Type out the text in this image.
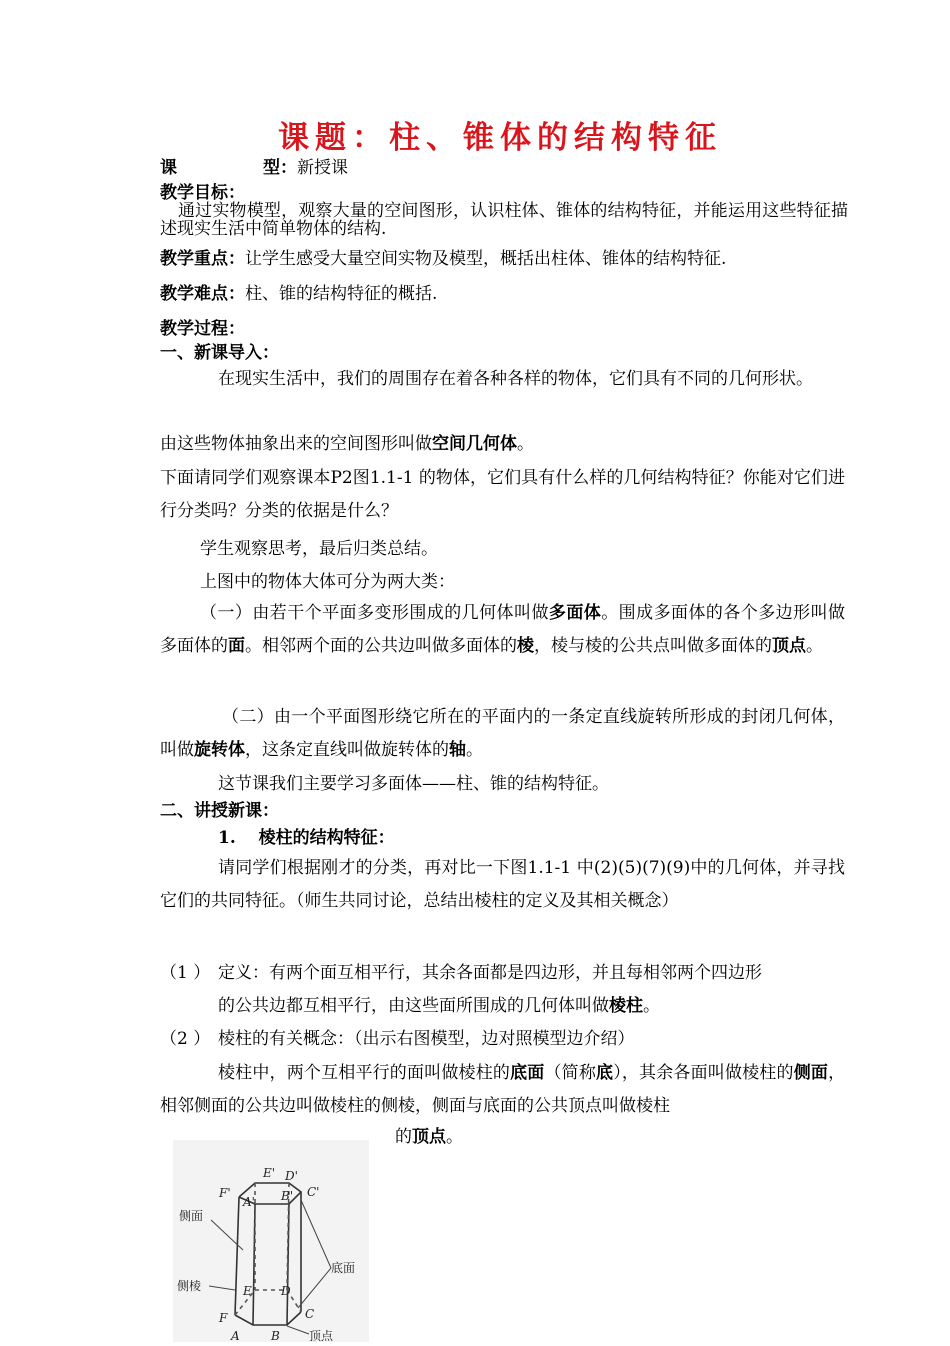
课题：柱、锥体的结构特征
课	型：新授课
教学目标：
通过实物模型，观察大量的空间图形，认识柱体、锥体的结构特征，并能运用这些特征描述现实生活中简单物体的结构.
教学重点：让学生感受大量空间实物及模型，概括出柱体、锥体的结构特征.
教学难点：柱、锥的结构特征的概括.
教学过程：
一、新课导入：
在现实生活中，我们的周围存在着各种各样的物体，它们具有不同的几何形状。
由这些物体抽象出来的空间图形叫做空间几何体。
下面请同学们观察课本P2图1.1-1 的物体，它们具有什么样的几何结构特征？你能对它们进行分类吗？分类的依据是什么？
学生观察思考，最后归类总结。
上图中的物体大体可分为两大类：
（一）由若干个平面多变形围成的几何体叫做多面体。围成多面体的各个多边形叫做多面体的面。相邻两个面的公共边叫做多面体的棱，棱与棱的公共点叫做多面体的顶点。
（二）由一个平面图形绕它所在的平面内的一条定直线旋转所形成的封闭几何体，叫做旋转体，这条定直线叫做旋转体的轴。
这节课我们主要学习多面体——柱、锥的结构特征。
二、讲授新课：
1.　 棱柱的结构特征：
请同学们根据刚才的分类，再对比一下图1.1-1 中(2)(5)(7)(9)中的几何体，并寻找它们的共同特征。（师生共同讨论，总结出棱柱的定义及其相关概念）
（1 ） 定义：有两个面互相平行，其余各面都是四边形，并且每相邻两个四边形
的公共边都互相平行，由这些面所围成的几何体叫做棱柱。
（2 ） 棱柱的有关概念：（出示右图模型，边对照模型边介绍）
棱柱中，两个互相平行的面叫做棱柱的底面（简称底），其余各面叫做棱柱的侧面，相邻侧面的公共边叫做棱柱的侧棱，侧面与底面的公共顶点叫做棱柱
的顶点。
E'
F'
A' B' C'
D'
E D
F	C
A	B
侧面
侧棱
底面
顶点
